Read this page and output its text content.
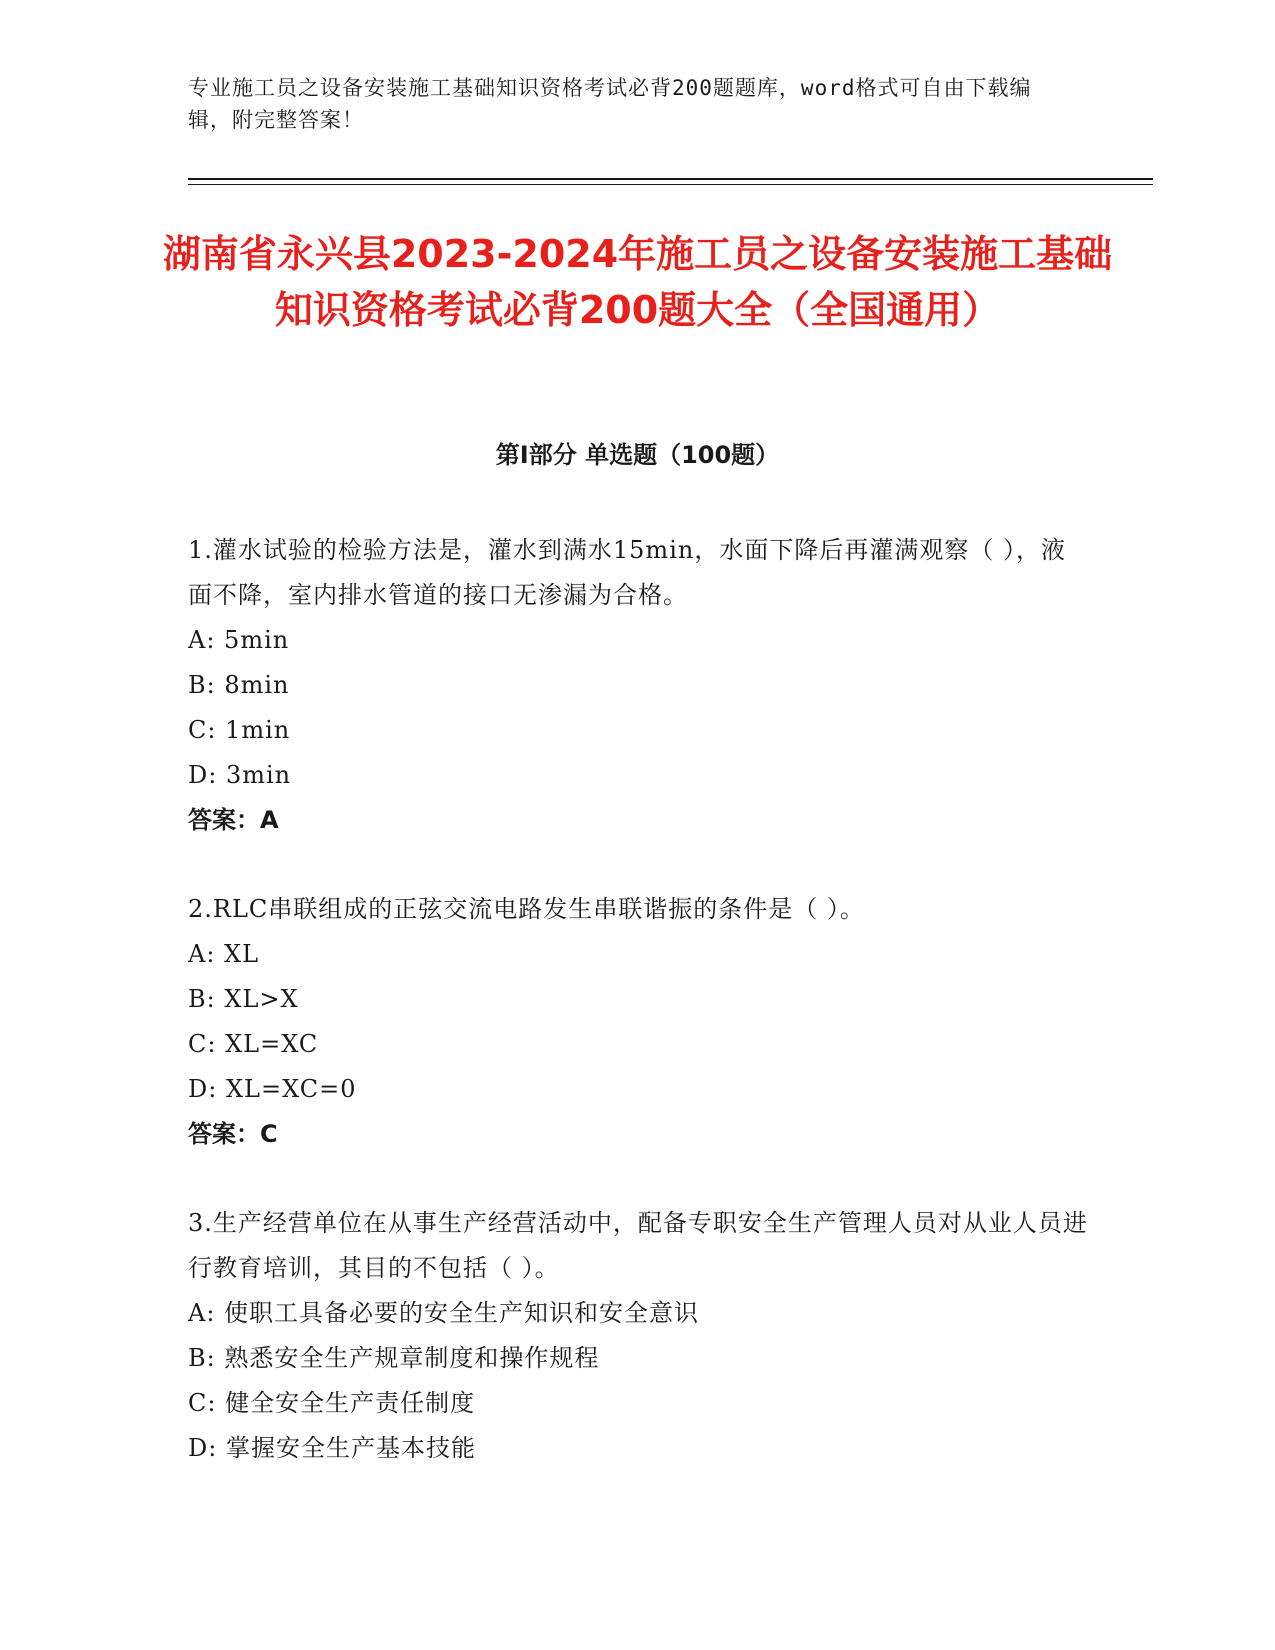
专业施工员之设备安装施工基础知识资格考试必背200题题库，word格式可自由下载编辑，附完整答案！
湖南省永兴县2023-2024年施工员之设备安装施工基础知识资格考试必背200题大全（全国通用）
第I部分 单选题（100题）
1.灌水试验的检验方法是，灌水到满水15min，水面下降后再灌满观察（ ），液面不降，室内排水管道的接口无渗漏为合格。
A: 5min
B: 8min
C: 1min
D: 3min
答案：A
2.RLC串联组成的正弦交流电路发生串联谐振的条件是（ ）。
A: XL
B: XL>X
C: XL=XC
D: XL=XC=0
答案：C
3.生产经营单位在从事生产经营活动中，配备专职安全生产管理人员对从业人员进行教育培训，其目的不包括（ ）。
A: 使职工具备必要的安全生产知识和安全意识
B: 熟悉安全生产规章制度和操作规程
C: 健全安全生产责任制度
D: 掌握安全生产基本技能
